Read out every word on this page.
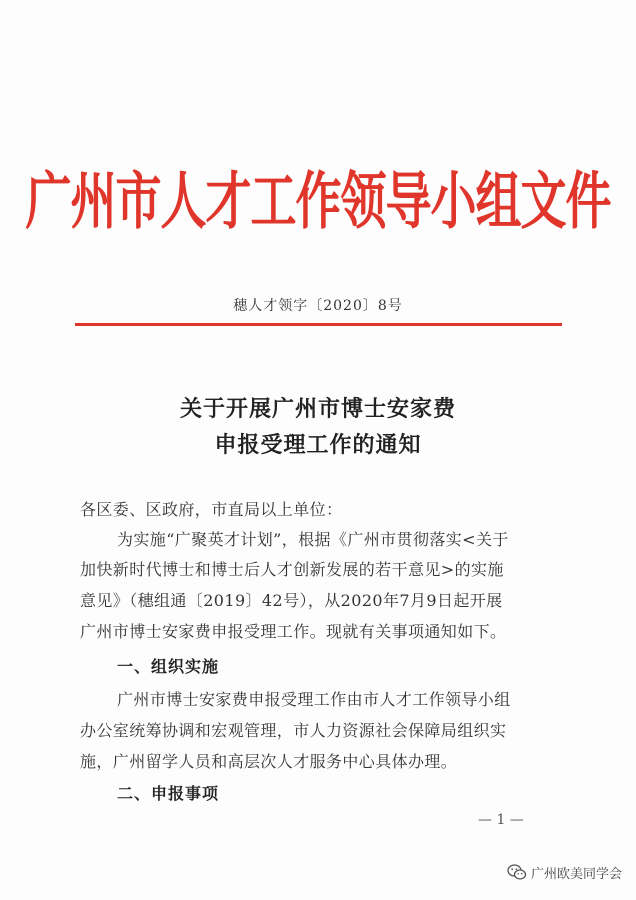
广州市人才工作领导小组文件
穗人才领字〔2020〕8号
关于开展广州市博士安家费
申报受理工作的通知
各区委、区政府，市直局以上单位：
为实施“广聚英才计划”，根据《广州市贯彻落实<关于
加快新时代博士和博士后人才创新发展的若干意见>的实施
意见》（穗组通〔2019〕42号），从2020年7月9日起开展
广州市博士安家费申报受理工作。现就有关事项通知如下。
一、组织实施
广州市博士安家费申报受理工作由市人才工作领导小组
办公室统筹协调和宏观管理，市人力资源社会保障局组织实
施，广州留学人员和高层次人才服务中心具体办理。
二、申报事项
— 1 —
广州欧美同学会
